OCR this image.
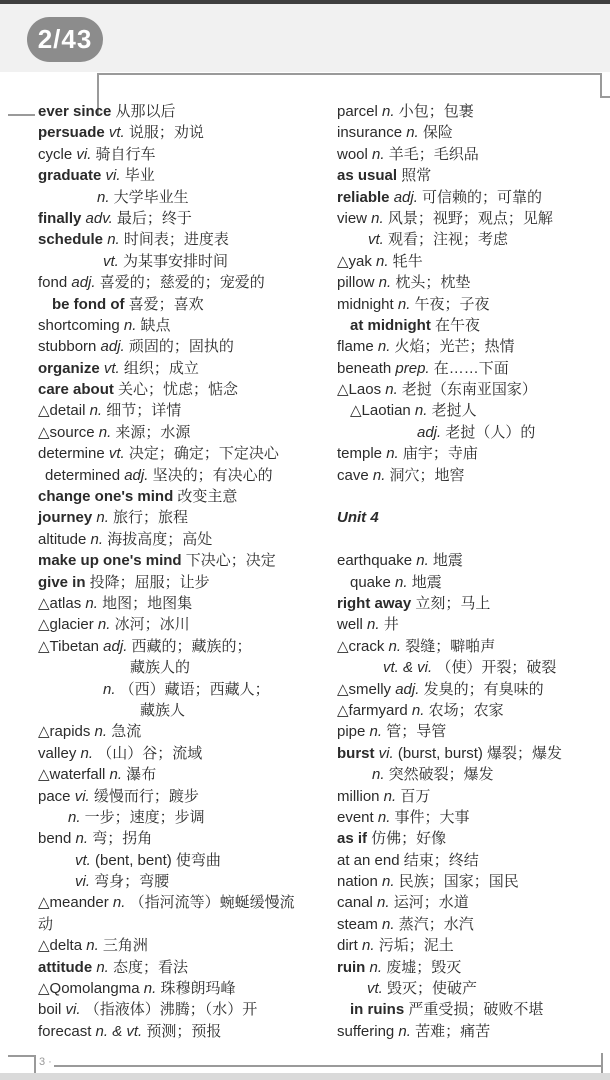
2/43
3 ·
ever since 从那以后
persuade vt. 说服；劝说
cycle vi. 骑自行车
graduate vi. 毕业
n. 大学毕业生
finally adv. 最后；终于
schedule n. 时间表；进度表
vt. 为某事安排时间
fond adj. 喜爱的；慈爱的；宠爱的
be fond of 喜爱；喜欢
shortcoming n. 缺点
stubborn adj. 顽固的；固执的
organize vt. 组织；成立
care about 关心；忧虑；惦念
△detail n. 细节；详情
△source n. 来源；水源
determine vt. 决定；确定；下定决心
determined adj. 坚决的；有决心的
change one's mind 改变主意
journey n. 旅行；旅程
altitude n. 海拔高度；高处
make up one's mind 下决心；决定
give in 投降；屈服；让步
△atlas n. 地图；地图集
△glacier n. 冰河；冰川
△Tibetan adj. 西藏的；藏族的；
藏族人的
n. （西）藏语；西藏人；
藏族人
△rapids n. 急流
valley n. （山）谷；流域
△waterfall n. 瀑布
pace vi. 缓慢而行；踱步
n. 一步；速度；步调
bend n. 弯；拐角
vt. (bent, bent) 使弯曲
vi. 弯身；弯腰
△meander n. （指河流等）蜿蜒缓慢流
动
△delta n. 三角洲
attitude n. 态度；看法
△Qomolangma n. 珠穆朗玛峰
boil vi. （指液体）沸腾；（水）开
forecast n. & vt. 预测；预报
parcel n. 小包；包裹
insurance n. 保险
wool n. 羊毛；毛织品
as usual 照常
reliable adj. 可信赖的；可靠的
view n. 风景；视野；观点；见解
vt. 观看；注视；考虑
△yak n. 牦牛
pillow n. 枕头；枕垫
midnight n. 午夜；子夜
at midnight 在午夜
flame n. 火焰；光芒；热情
beneath prep. 在……下面
△Laos n. 老挝（东南亚国家）
△Laotian n. 老挝人
adj. 老挝（人）的
temple n. 庙宇；寺庙
cave n. 洞穴；地窖
Unit 4
earthquake n. 地震
quake n. 地震
right away 立刻；马上
well n. 井
△crack n. 裂缝；噼啪声
vt. & vi. （使）开裂；破裂
△smelly adj. 发臭的；有臭味的
△farmyard n. 农场；农家
pipe n. 管；导管
burst vi. (burst, burst) 爆裂；爆发
n. 突然破裂；爆发
million n. 百万
event n. 事件；大事
as if 仿佛；好像
at an end 结束；终结
nation n. 民族；国家；国民
canal n. 运河；水道
steam n. 蒸汽；水汽
dirt n. 污垢；泥土
ruin n. 废墟；毁灭
vt. 毁灭；使破产
in ruins 严重受损；破败不堪
suffering n. 苦难；痛苦
